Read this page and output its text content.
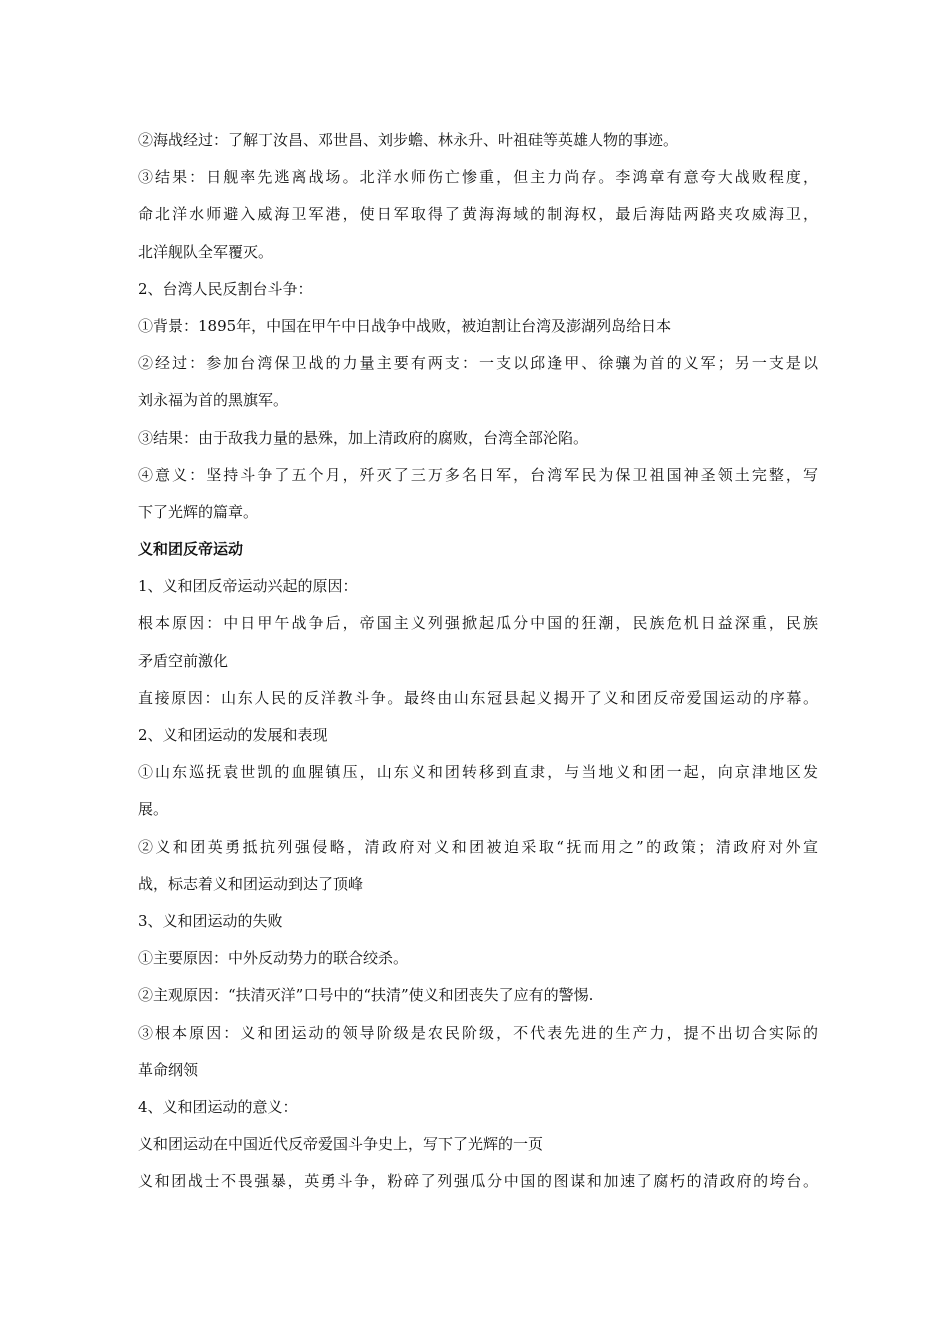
②海战经过：了解丁汝昌、邓世昌、刘步蟾、林永升、叶祖硅等英雄人物的事迹。
③结果：日舰率先逃离战场。北洋水师伤亡惨重，但主力尚存。李鸿章有意夸大战败程度，
命北洋水师避入威海卫军港，使日军取得了黄海海域的制海权，最后海陆两路夹攻威海卫，
北洋舰队全军覆灭。
2、台湾人民反割台斗争：
①背景：1895年，中国在甲午中日战争中战败，被迫割让台湾及澎湖列岛给日本
②经过：参加台湾保卫战的力量主要有两支：一支以邱逢甲、徐骧为首的义军；另一支是以
刘永福为首的黑旗军。
③结果：由于敌我力量的悬殊，加上清政府的腐败，台湾全部沦陷。
④意义：坚持斗争了五个月，歼灭了三万多名日军，台湾军民为保卫祖国神圣领土完整，写
下了光辉的篇章。
义和团反帝运动
1、义和团反帝运动兴起的原因：
根本原因：中日甲午战争后，帝国主义列强掀起瓜分中国的狂潮，民族危机日益深重，民族
矛盾空前激化
直接原因：山东人民的反洋教斗争。最终由山东冠县起义揭开了义和团反帝爱国运动的序幕。
2、义和团运动的发展和表现
①山东巡抚袁世凯的血腥镇压，山东义和团转移到直隶，与当地义和团一起，向京津地区发
展。
②义和团英勇抵抗列强侵略，清政府对义和团被迫采取“抚而用之”的政策；清政府对外宣
战，标志着义和团运动到达了顶峰
3、义和团运动的失败
①主要原因：中外反动势力的联合绞杀。
②主观原因：“扶清灭洋”口号中的“扶清”使义和团丧失了应有的警惕.
③根本原因：义和团运动的领导阶级是农民阶级，不代表先进的生产力，提不出切合实际的
革命纲领
4、义和团运动的意义：
义和团运动在中国近代反帝爱国斗争史上，写下了光辉的一页
义和团战士不畏强暴，英勇斗争，粉碎了列强瓜分中国的图谋和加速了腐朽的清政府的垮台。
